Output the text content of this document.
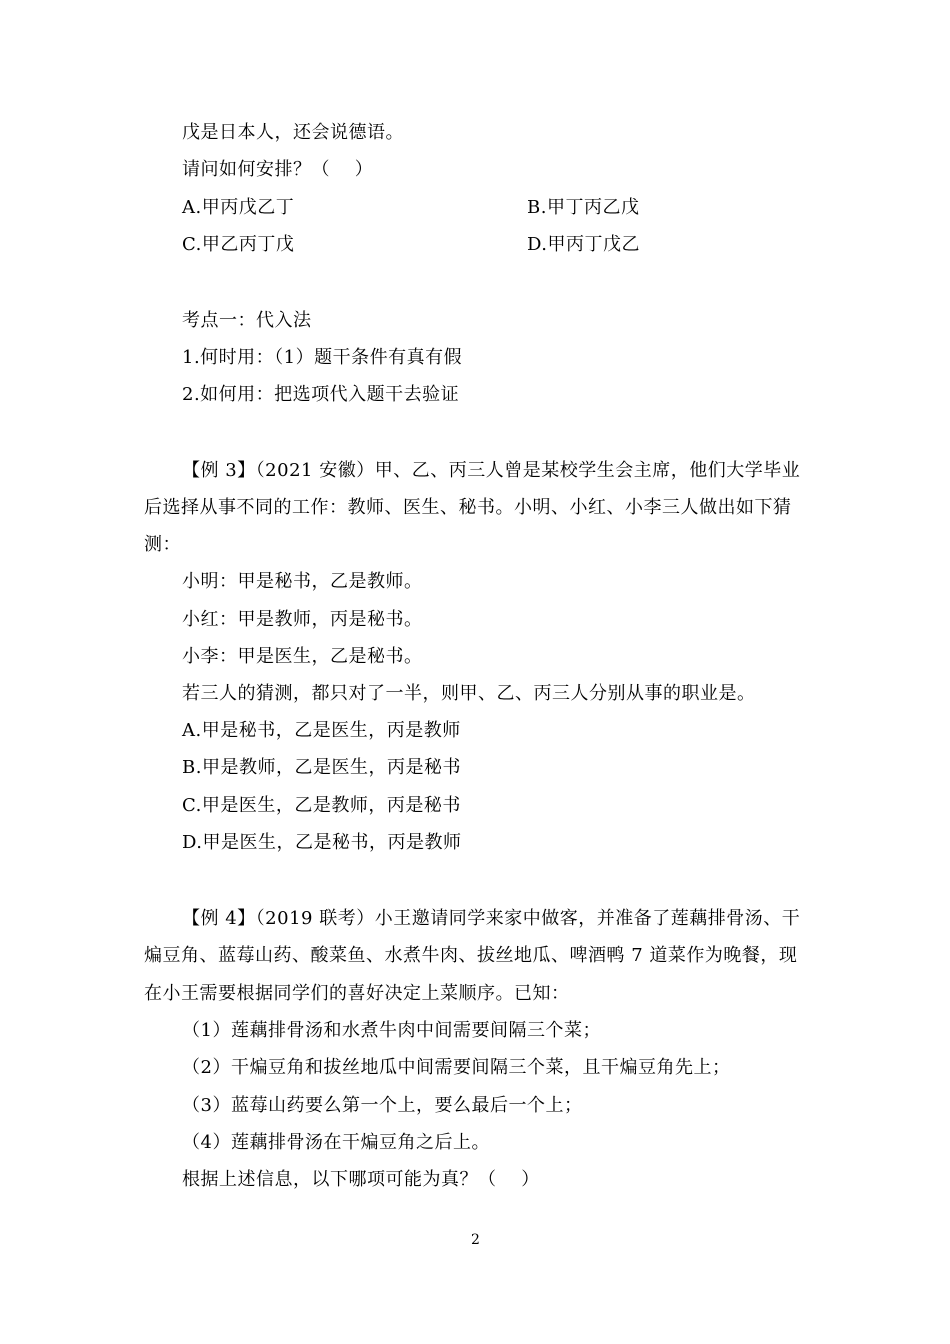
戊是日本人，还会说德语。
请问如何安排？（　 ）
A.甲丙戊乙丁	B.甲丁丙乙戊
C.甲乙丙丁戊	D.甲丙丁戊乙
考点一：代入法
1.何时用：（1）题干条件有真有假
2.如何用：把选项代入题干去验证
【例 3】（2021 安徽）甲、乙、丙三人曾是某校学生会主席，他们大学毕业
后选择从事不同的工作：教师、医生、秘书。小明、小红、小李三人做出如下猜
测：
小明：甲是秘书，乙是教师。
小红：甲是教师，丙是秘书。
小李：甲是医生，乙是秘书。
若三人的猜测，都只对了一半，则甲、乙、丙三人分别从事的职业是。
A.甲是秘书，乙是医生，丙是教师
B.甲是教师，乙是医生，丙是秘书
C.甲是医生，乙是教师，丙是秘书
D.甲是医生，乙是秘书，丙是教师
【例 4】（2019 联考）小王邀请同学来家中做客，并准备了莲藕排骨汤、干
煸豆角、蓝莓山药、酸菜鱼、水煮牛肉、拔丝地瓜、啤酒鸭 7 道菜作为晚餐，现
在小王需要根据同学们的喜好决定上菜顺序。已知：
（1）莲藕排骨汤和水煮牛肉中间需要间隔三个菜；
（2）干煸豆角和拔丝地瓜中间需要间隔三个菜，且干煸豆角先上；
（3）蓝莓山药要么第一个上，要么最后一个上；
（4）莲藕排骨汤在干煸豆角之后上。
根据上述信息，以下哪项可能为真？（　 ）
2
